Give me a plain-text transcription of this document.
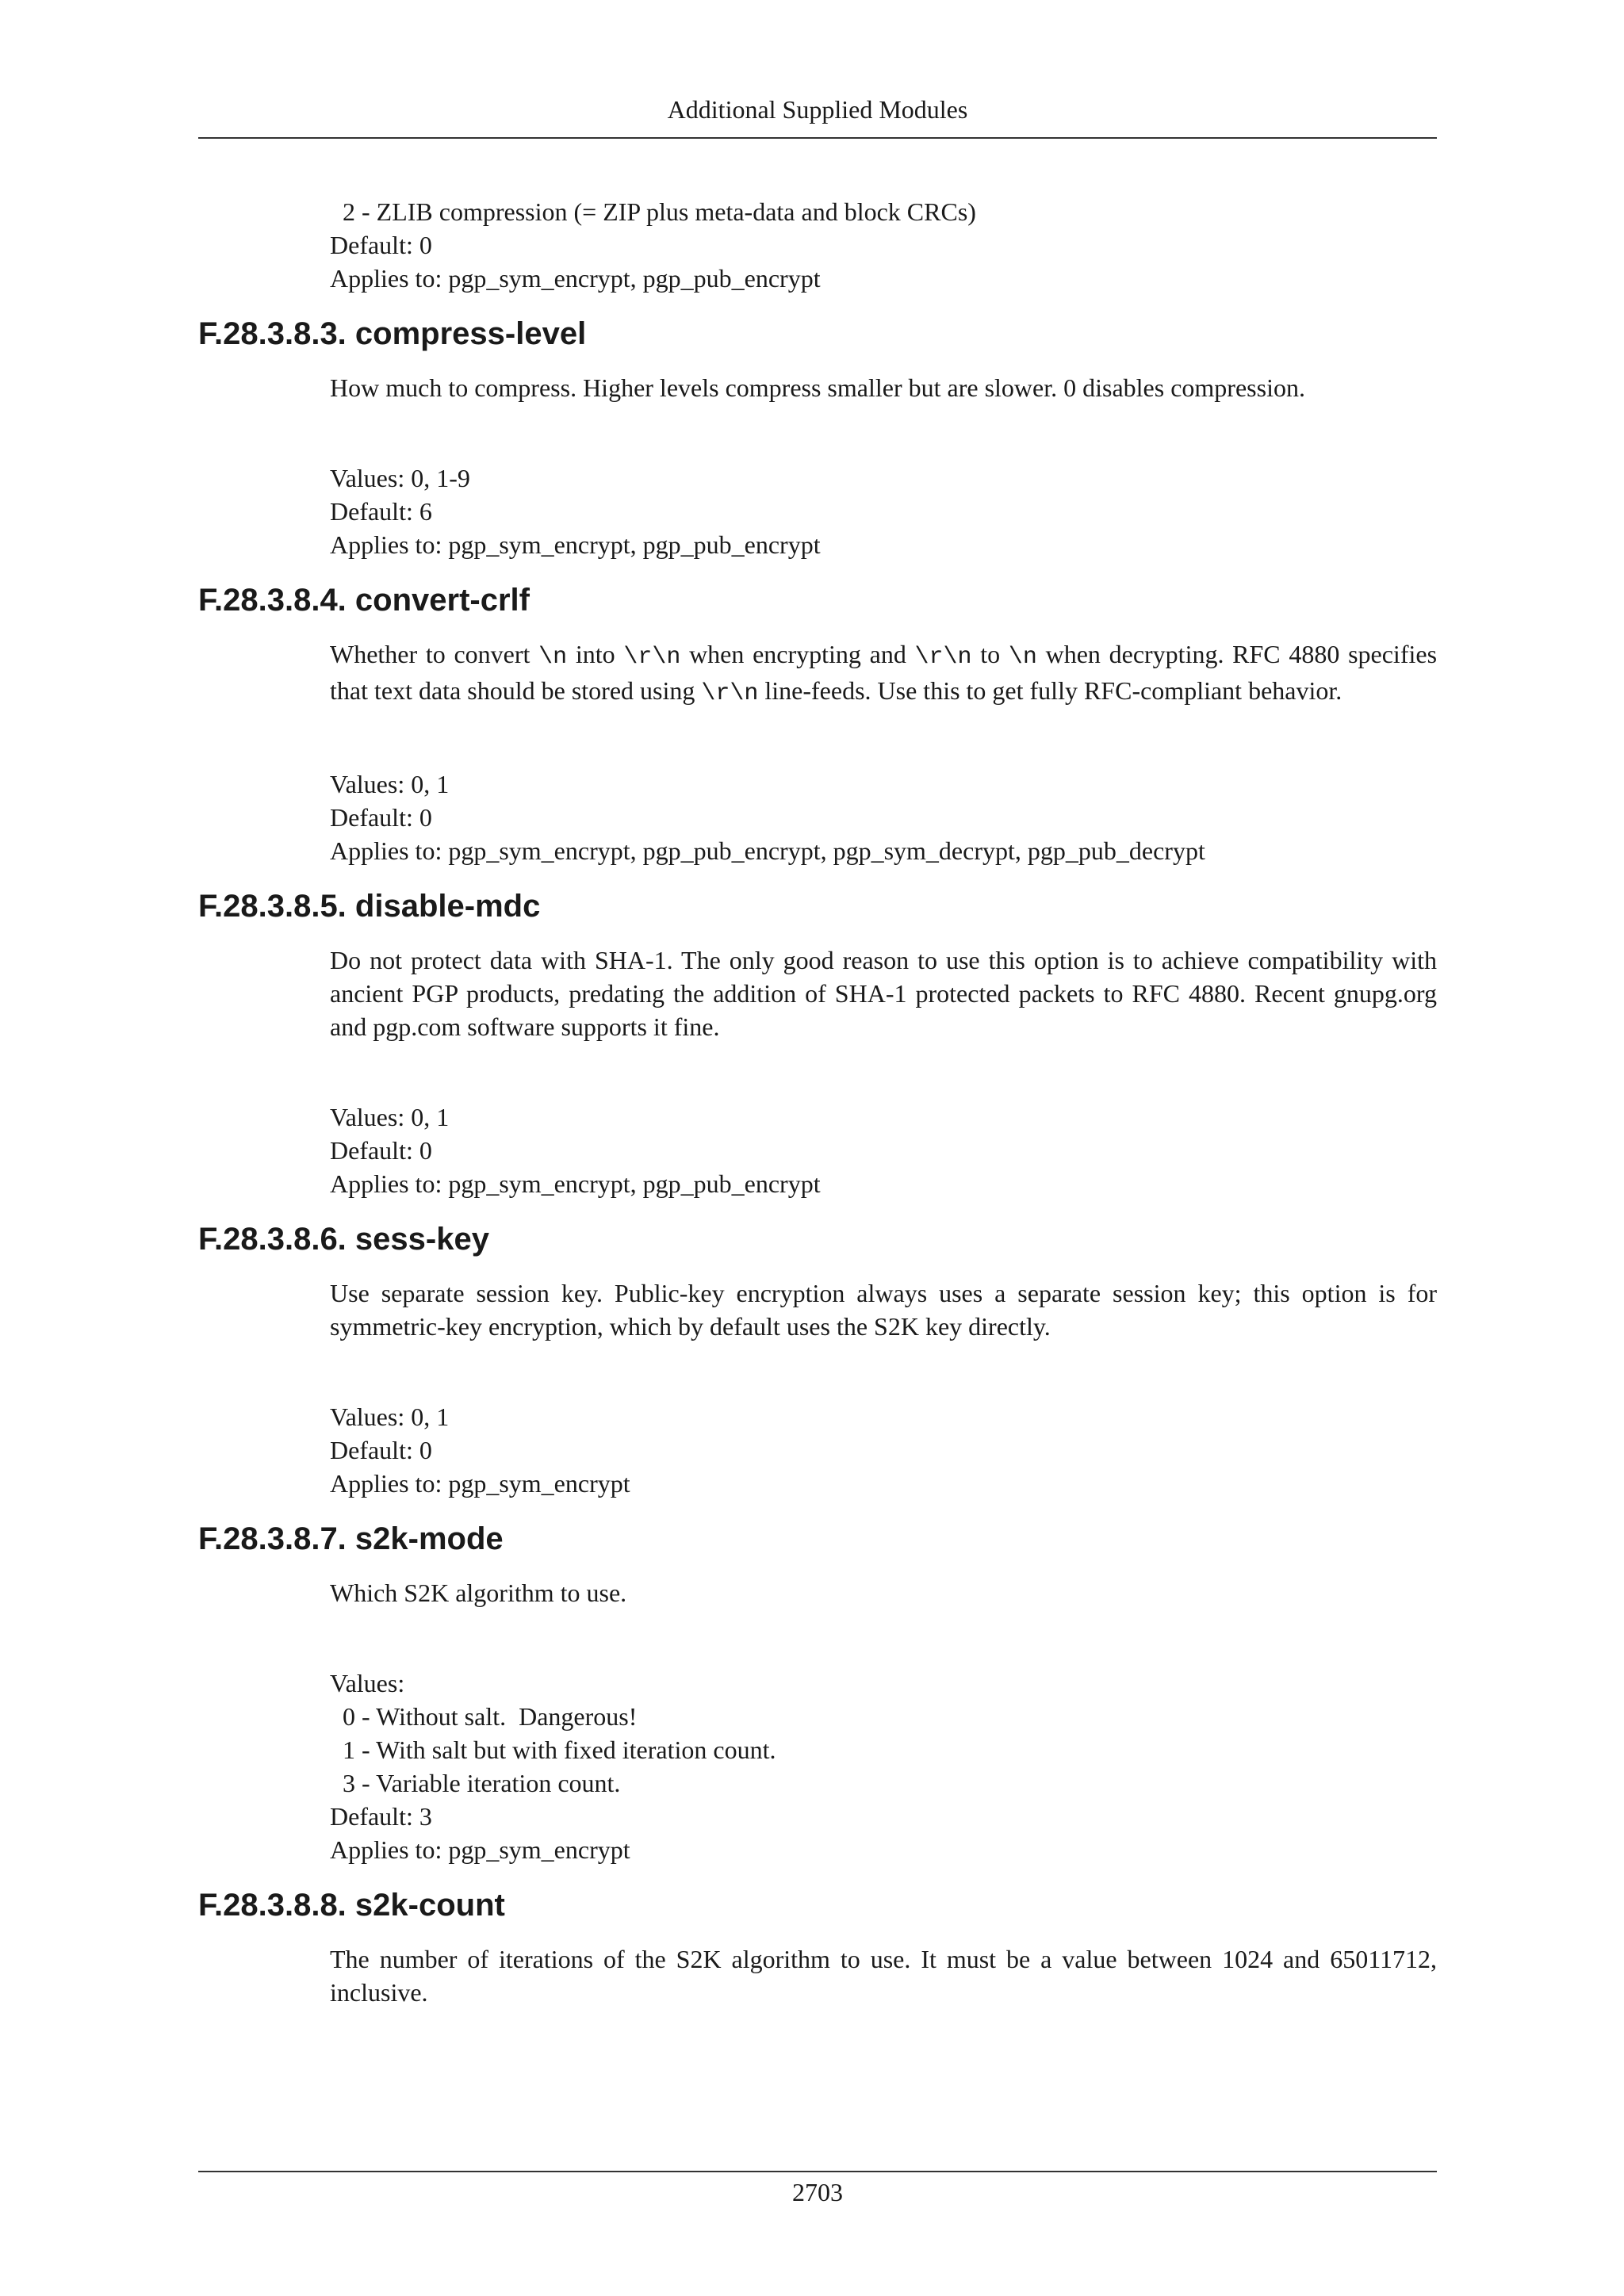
Additional Supplied Modules
2 - ZLIB compression (= ZIP plus meta-data and block CRCs)
Default: 0
Applies to: pgp_sym_encrypt, pgp_pub_encrypt
F.28.3.8.3. compress-level

How much to compress. Higher levels compress smaller but are slower. 0 disables compression.

Values: 0, 1-9
Default: 6
Applies to: pgp_sym_encrypt, pgp_pub_encrypt
F.28.3.8.4. convert-crlf

Whether to convert \n into \r\n when encrypting and \r\n to \n when decrypting. RFC 4880 specifies that text data should be stored using \r\n line-feeds. Use this to get fully RFC-compliant behavior.

Values: 0, 1
Default: 0
Applies to: pgp_sym_encrypt, pgp_pub_encrypt, pgp_sym_decrypt, pgp_pub_decrypt
F.28.3.8.5. disable-mdc

Do not protect data with SHA-1. The only good reason to use this option is to achieve compatibility with ancient PGP products, predating the addition of SHA-1 protected packets to RFC 4880. Recent gnupg.org and pgp.com software supports it fine.

Values: 0, 1
Default: 0
Applies to: pgp_sym_encrypt, pgp_pub_encrypt
F.28.3.8.6. sess-key

Use separate session key. Public-key encryption always uses a separate session key; this option is for symmetric-key encryption, which by default uses the S2K key directly.

Values: 0, 1
Default: 0
Applies to: pgp_sym_encrypt
F.28.3.8.7. s2k-mode

Which S2K algorithm to use.

Values:
0 - Without salt.  Dangerous!
1 - With salt but with fixed iteration count.
3 - Variable iteration count.
Default: 3
Applies to: pgp_sym_encrypt
F.28.3.8.8. s2k-count

The number of iterations of the S2K algorithm to use. It must be a value between 1024 and 65011712, inclusive.

2703
